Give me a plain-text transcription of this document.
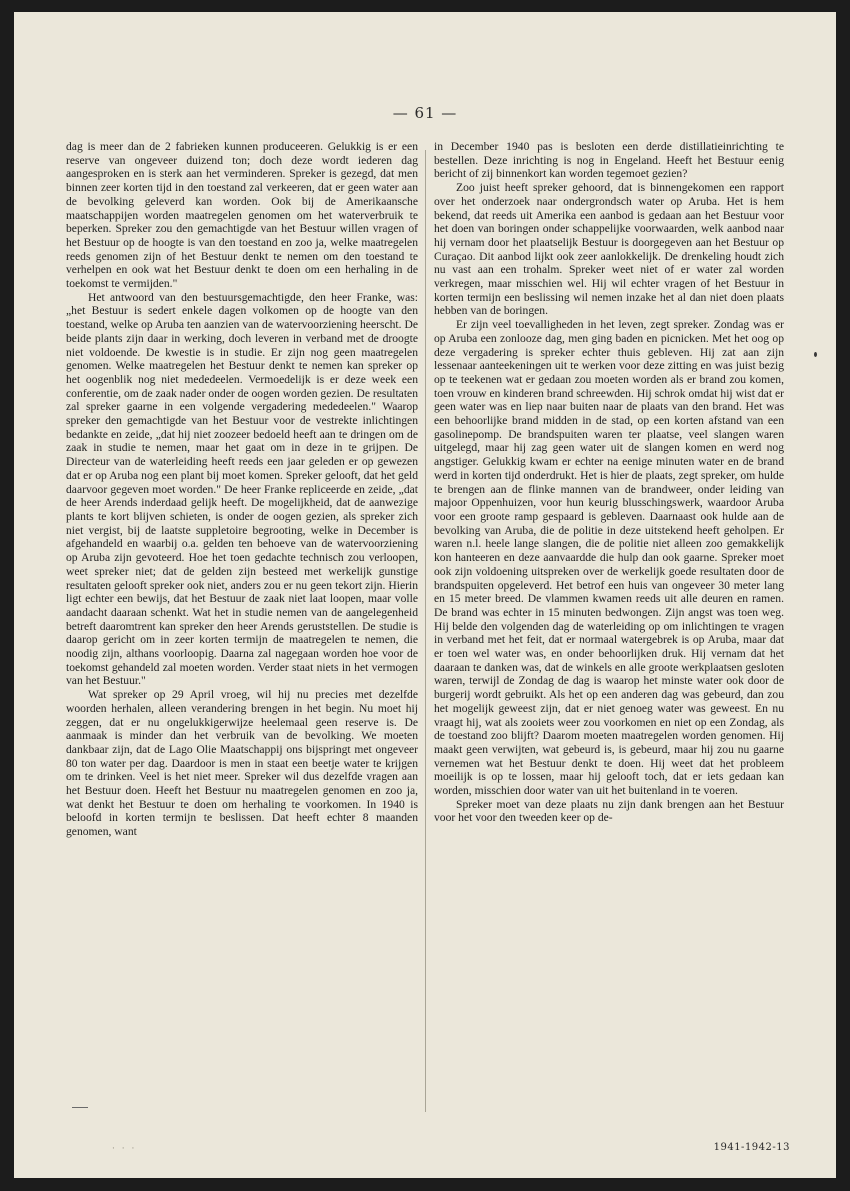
— 61 —

dag is meer dan de 2 fabrieken kunnen produceeren. Gelukkig is er een reserve van ongeveer duizend ton; doch deze wordt iederen dag aangesproken en is sterk aan het verminderen. Spreker is gezegd, dat men binnen zeer korten tijd in den toestand zal verkeeren, dat er geen water aan de bevolking geleverd kan worden. Ook bij de Amerikaansche maatschappijen worden maatregelen genomen om het waterverbruik te beperken. Spreker zou den gemachtigde van het Bestuur willen vragen of het Bestuur op de hoogte is van den toestand en zoo ja, welke maatregelen reeds genomen zijn of het Bestuur denkt te nemen om den toestand te verhelpen en ook wat het Bestuur denkt te doen om een herhaling in de toekomst te vermijden."

Het antwoord van den bestuursgemachtigde, den heer Franke, was: „het Bestuur is sedert enkele dagen volkomen op de hoogte van den toestand, welke op Aruba ten aanzien van de watervoorziening heerscht. De beide plants zijn daar in werking, doch leveren in verband met de droogte niet voldoende. De kwestie is in studie. Er zijn nog geen maatregelen genomen. Welke maatregelen het Bestuur denkt te nemen kan spreker op het oogenblik nog niet mededeelen. Vermoedelijk is er deze week een conferentie, om de zaak nader onder de oogen worden gezien. De resultaten zal spreker gaarne in een volgende vergadering mededeelen." Waarop spreker den gemachtigde van het Bestuur voor de vestrekte inlichtingen bedankte en zeide, „dat hij niet zoozeer bedoeld heeft aan te dringen om de zaak in studie te nemen, maar het gaat om in deze in te grijpen. De Directeur van de waterleiding heeft reeds een jaar geleden er op gewezen dat er op Aruba nog een plant bij moet komen. Spreker gelooft, dat het geld daarvoor gegeven moet worden." De heer Franke repliceerde en zeide, „dat de heer Arends inderdaad gelijk heeft. De mogelijkheid, dat de aanwezige plants te kort blijven schieten, is onder de oogen gezien, als spreker zich niet vergist, bij de laatste suppletoire begrooting, welke in December is afgehandeld en waarbij o.a. gelden ten behoeve van de watervoorziening op Aruba zijn gevoteerd. Hoe het toen gedachte technisch zou verloopen, weet spreker niet; dat de gelden zijn besteed met werkelijk gunstige resultaten gelooft spreker ook niet, anders zou er nu geen tekort zijn. Hierin ligt echter een bewijs, dat het Bestuur de zaak niet laat loopen, maar volle aandacht daaraan schenkt. Wat het in studie nemen van de aangelegenheid betreft daaromtrent kan spreker den heer Arends geruststellen. De studie is daarop gericht om in zeer korten termijn de maatregelen te nemen, die noodig zijn, althans voorloopig. Daarna zal nagegaan worden hoe voor de toekomst gehandeld zal moeten worden. Verder staat niets in het vermogen van het Bestuur."

Wat spreker op 29 April vroeg, wil hij nu precies met dezelfde woorden herhalen, alleen verandering brengen in het begin. Nu moet hij zeggen, dat er nu ongelukkigerwijze heelemaal geen reserve is. De aanmaak is minder dan het verbruik van de bevolking. We moeten dankbaar zijn, dat de Lago Olie Maatschappij ons bijspringt met ongeveer 80 ton water per dag. Daardoor is men in staat een beetje water te krijgen om te drinken. Veel is het niet meer. Spreker wil dus dezelfde vragen aan het Bestuur doen. Heeft het Bestuur nu maatregelen genomen en zoo ja, wat denkt het Bestuur te doen om herhaling te voorkomen. In 1940 is beloofd in korten termijn te beslissen. Dat heeft echter 8 maanden genomen, want

in December 1940 pas is besloten een derde distillatieinrichting te bestellen. Deze inrichting is nog in Engeland. Heeft het Bestuur eenig bericht of zij binnenkort kan worden tegemoet gezien?

Zoo juist heeft spreker gehoord, dat is binnengekomen een rapport over het onderzoek naar ondergrondsch water op Aruba. Het is hem bekend, dat reeds uit Amerika een aanbod is gedaan aan het Bestuur voor het doen van boringen onder schappelijke voorwaarden, welk aanbod naar hij vernam door het plaatselijk Bestuur is doorgegeven aan het Bestuur op Curaçao. Dit aanbod lijkt ook zeer aanlokkelijk. De drenkeling houdt zich nu vast aan een trohalm. Spreker weet niet of er water zal worden verkregen, maar misschien wel. Hij wil echter vragen of het Bestuur in korten termijn een beslissing wil nemen inzake het al dan niet doen plaats hebben van de boringen.

Er zijn veel toevalligheden in het leven, zegt spreker. Zondag was er op Aruba een zonlooze dag, men ging baden en picnicken. Met het oog op deze vergadering is spreker echter thuis gebleven. Hij zat aan zijn lessenaar aanteekeningen uit te werken voor deze zitting en was juist bezig op te teekenen wat er gedaan zou moeten worden als er brand zou komen, toen vrouw en kinderen brand schreewden. Hij schrok omdat hij wist dat er geen water was en liep naar buiten naar de plaats van den brand. Het was een behoorlijke brand midden in de stad, op een korten afstand van een gasolinepomp. De brandspuiten waren ter plaatse, veel slangen waren uitgelegd, maar hij zag geen water uit de slangen komen en werd nog angstiger. Gelukkig kwam er echter na eenige minuten water en de brand werd in korten tijd onderdrukt. Het is hier de plaats, zegt spreker, om hulde te brengen aan de flinke mannen van de brandweer, onder leiding van majoor Oppenhuizen, voor hun keurig blusschingswerk, waardoor Aruba voor een groote ramp gespaard is gebleven. Daarnaast ook hulde aan de bevolking van Aruba, die de politie in deze uitstekend heeft geholpen. Er waren n.l. heele lange slangen, die de politie niet alleen zoo gemakkelijk kon hanteeren en deze aanvaardde die hulp dan ook gaarne. Spreker moet ook zijn voldoening uitspreken over de werkelijk goede resultaten door de brandspuiten opgeleverd. Het betrof een huis van ongeveer 30 meter lang en 15 meter breed. De vlammen kwamen reeds uit alle deuren en ramen. De brand was echter in 15 minuten bedwongen. Zijn angst was toen weg. Hij belde den volgenden dag de waterleiding op om inlichtingen te vragen in verband met het feit, dat er normaal watergebrek is op Aruba, maar dat er toen wel water was, en onder behoorlijken druk. Hij vernam dat het daaraan te danken was, dat de winkels en alle groote werkplaatsen gesloten waren, terwijl de Zondag de dag is waarop het minste water ook door de burgerij wordt gebruikt. Als het op een anderen dag was gebeurd, dan zou het mogelijk geweest zijn, dat er niet genoeg water was geweest. En nu vraagt hij, wat als zooiets weer zou voorkomen en niet op een Zondag, als de toestand zoo blijft? Daarom moeten maatregelen worden genomen. Hij maakt geen verwijten, wat gebeurd is, is gebeurd, maar hij zou nu gaarne vernemen wat het Bestuur denkt te doen. Hij weet dat het probleem moeilijk is op te lossen, maar hij gelooft toch, dat er iets gedaan kan worden, misschien door water van uit het buitenland in te voeren.

Spreker moet van deze plaats nu zijn dank brengen aan het Bestuur voor het voor den tweeden keer op de-

· · ·	1941-1942-13
